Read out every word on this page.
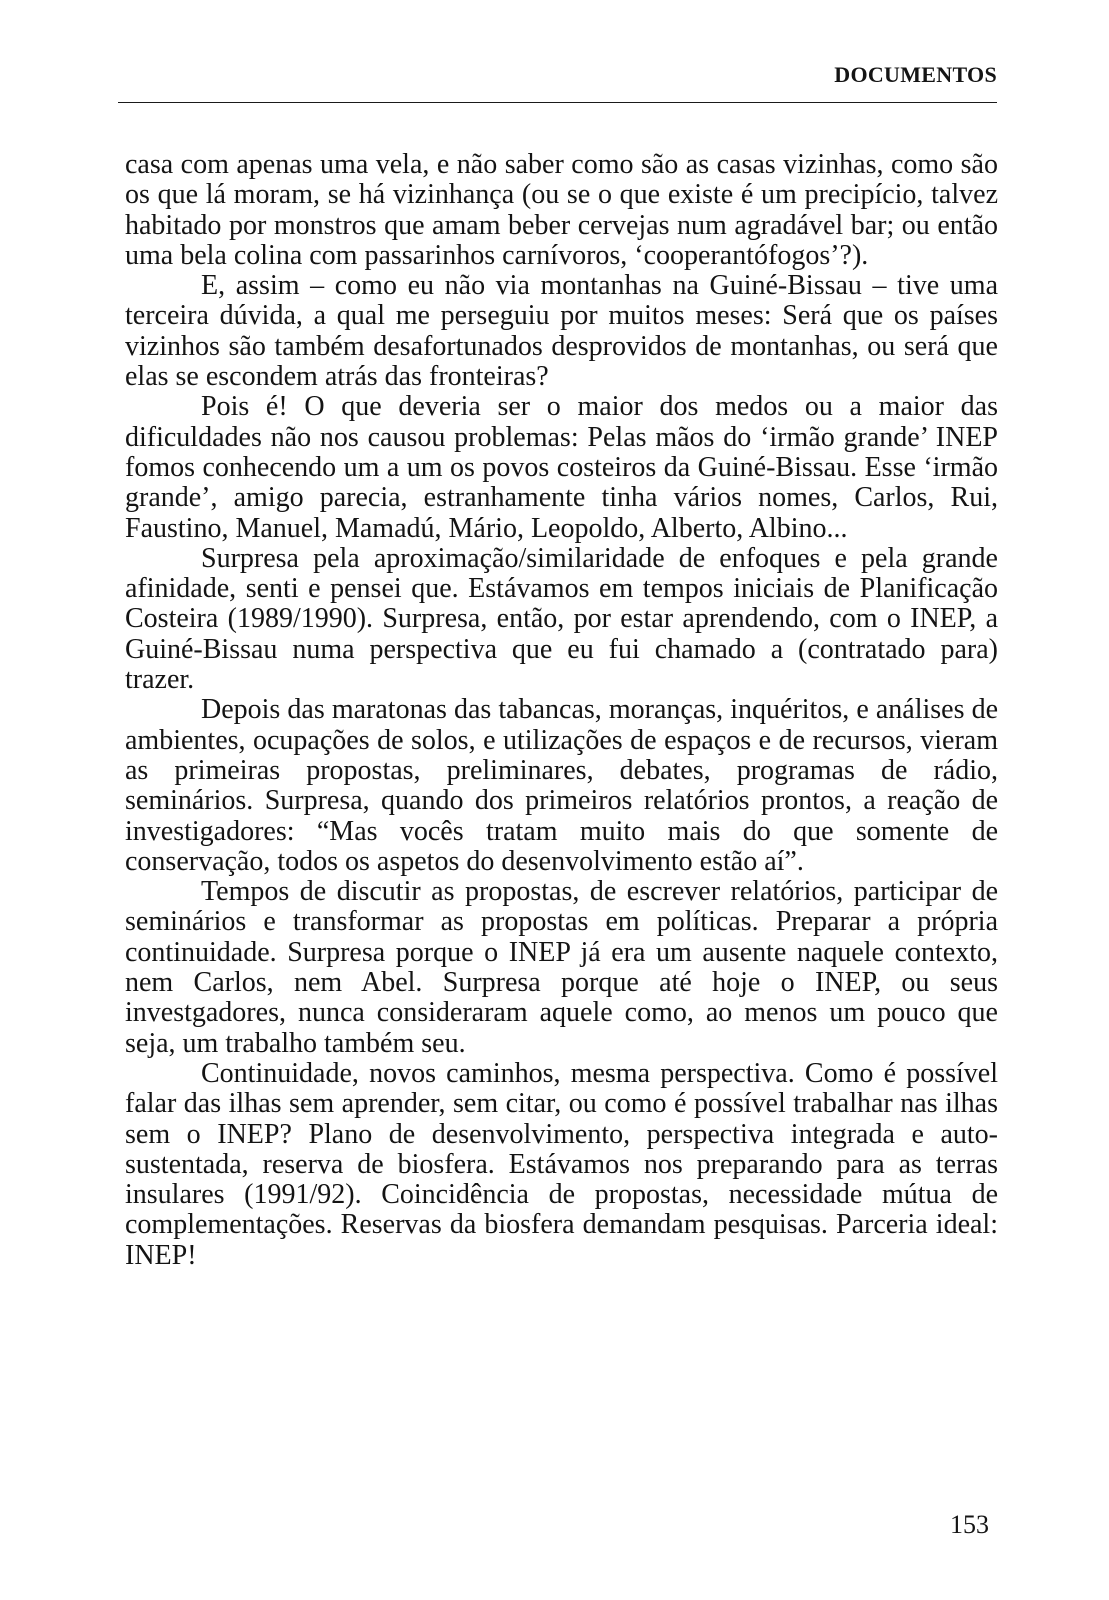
DOCUMENTOS

casa com apenas uma vela, e não saber como são as casas vizinhas, como são os que lá moram, se há vizinhança (ou se o que existe é um precipício, talvez habitado por monstros que amam beber cervejas num agradável bar; ou então uma bela colina com passarinhos carnívoros, ‘cooperantófogos’?).

E, assim – como eu não via montanhas na Guiné-Bissau – tive uma terceira dúvida, a qual me perseguiu por muitos meses: Será que os países vizinhos são também desafortunados desprovidos de montanhas, ou será que elas se escondem atrás das fronteiras?

Pois é! O que deveria ser o maior dos medos ou a maior das dificuldades não nos causou problemas: Pelas mãos do ‘irmão grande’ INEP fomos conhecendo um a um os povos costeiros da Guiné-Bissau. Esse ‘irmão grande’, amigo parecia, estranhamente tinha vários nomes, Carlos, Rui, Faustino, Manuel, Mamadú, Mário, Leopoldo, Alberto, Albino...

Surpresa pela aproximação/similaridade de enfoques e pela grande afinidade, senti e pensei que. Estávamos em tempos iniciais de Planificação Costeira (1989/1990). Surpresa, então, por estar aprendendo, com o INEP, a Guiné-Bissau numa perspectiva que eu fui chamado a (contratado para) trazer.

Depois das maratonas das tabancas, moranças, inquéritos, e análises de ambientes, ocupações de solos, e utilizações de espaços e de recursos, vieram as primeiras propostas, preliminares, debates, programas de rádio, seminários. Surpresa, quando dos primeiros relatórios prontos, a reação de investigadores: “Mas vocês tratam muito mais do que somente de conservação, todos os aspetos do desenvolvimento estão aí”.

Tempos de discutir as propostas, de escrever relatórios, participar de seminários e transformar as propostas em políticas. Preparar a própria continuidade. Surpresa porque o INEP já era um ausente naquele contexto, nem Carlos, nem Abel. Surpresa porque até hoje o INEP, ou seus investgadores, nunca consideraram aquele como, ao menos um pouco que seja, um trabalho também seu.

Continuidade, novos caminhos, mesma perspectiva. Como é possível falar das ilhas sem aprender, sem citar, ou como é possível trabalhar nas ilhas sem o INEP? Plano de desenvolvimento, perspectiva integrada e auto-sustentada, reserva de biosfera. Estávamos nos preparando para as terras insulares (1991/92). Coincidência de propostas, necessidade mútua de complementações. Reservas da biosfera demandam pesquisas. Parceria ideal: INEP!

153
